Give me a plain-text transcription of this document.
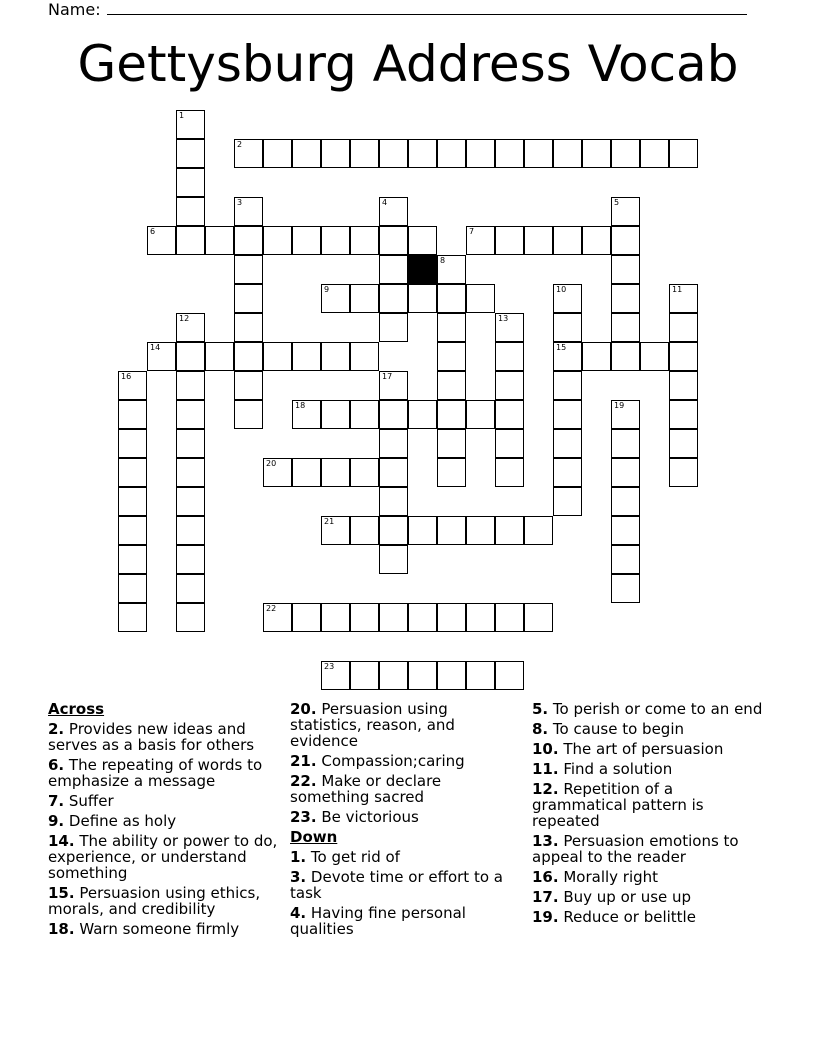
Name:
Gettysburg Address Vocab
1
2
3	4	5
6	7
8
9	10	11
12	13
14	15
16	17
18	19
20
21
22
23
Across
2. Provides new ideas and serves as a basis for others
6. The repeating of words to emphasize a message
7. Suffer
9. Define as holy
14. The ability or power to do, experience, or understand something
15. Persuasion using ethics, morals, and credibility
18. Warn someone firmly
20. Persuasion using statistics, reason, and evidence
21. Compassion;caring
22. Make or declare something sacred
23. Be victorious
Down
1. To get rid of
3. Devote time or effort to a task
4. Having fine personal qualities
5. To perish or come to an end
8. To cause to begin
10. The art of persuasion
11. Find a solution
12. Repetition of a grammatical pattern is repeated
13. Persuasion emotions to appeal to the reader
16. Morally right
17. Buy up or use up
19. Reduce or belittle
